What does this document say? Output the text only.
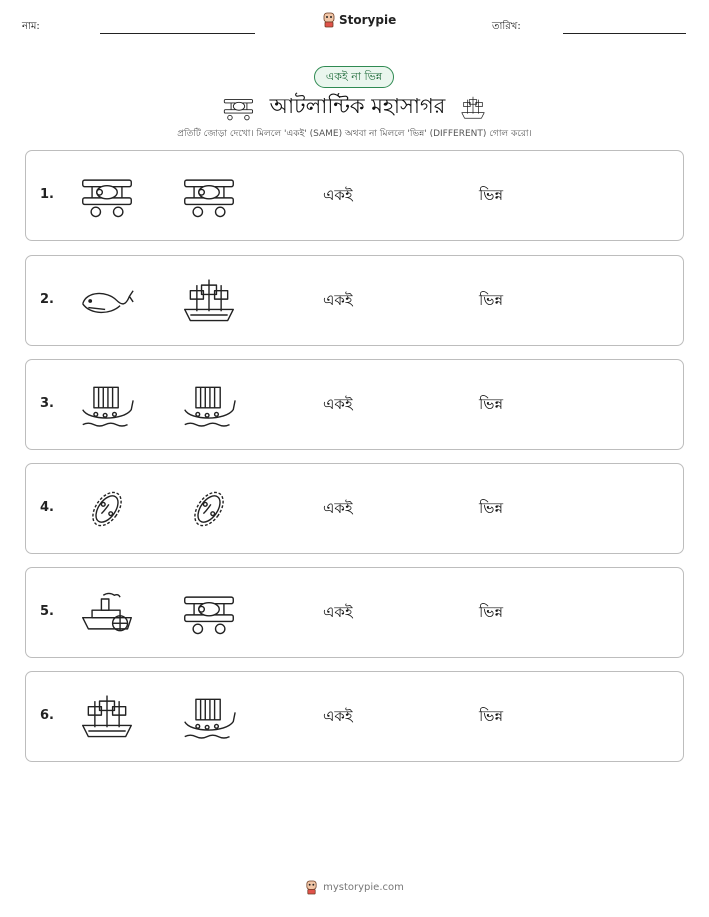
নাম:	Storypie	তারিখ:
একই না ভিন্ন
আটলান্টিক মহাসাগর
প্রতিটি জোড়া দেখো। মিললে 'একই' (SAME) অথবা না মিললে 'ভিন্ন' (DIFFERENT) গোল করো।
1.	একই	ভিন্ন
2.	একই	ভিন্ন
3.	একই	ভিন্ন
4.	একই	ভিন্ন
5.	একই	ভিন্ন
6.	একই	ভিন্ন
mystorypie.com
